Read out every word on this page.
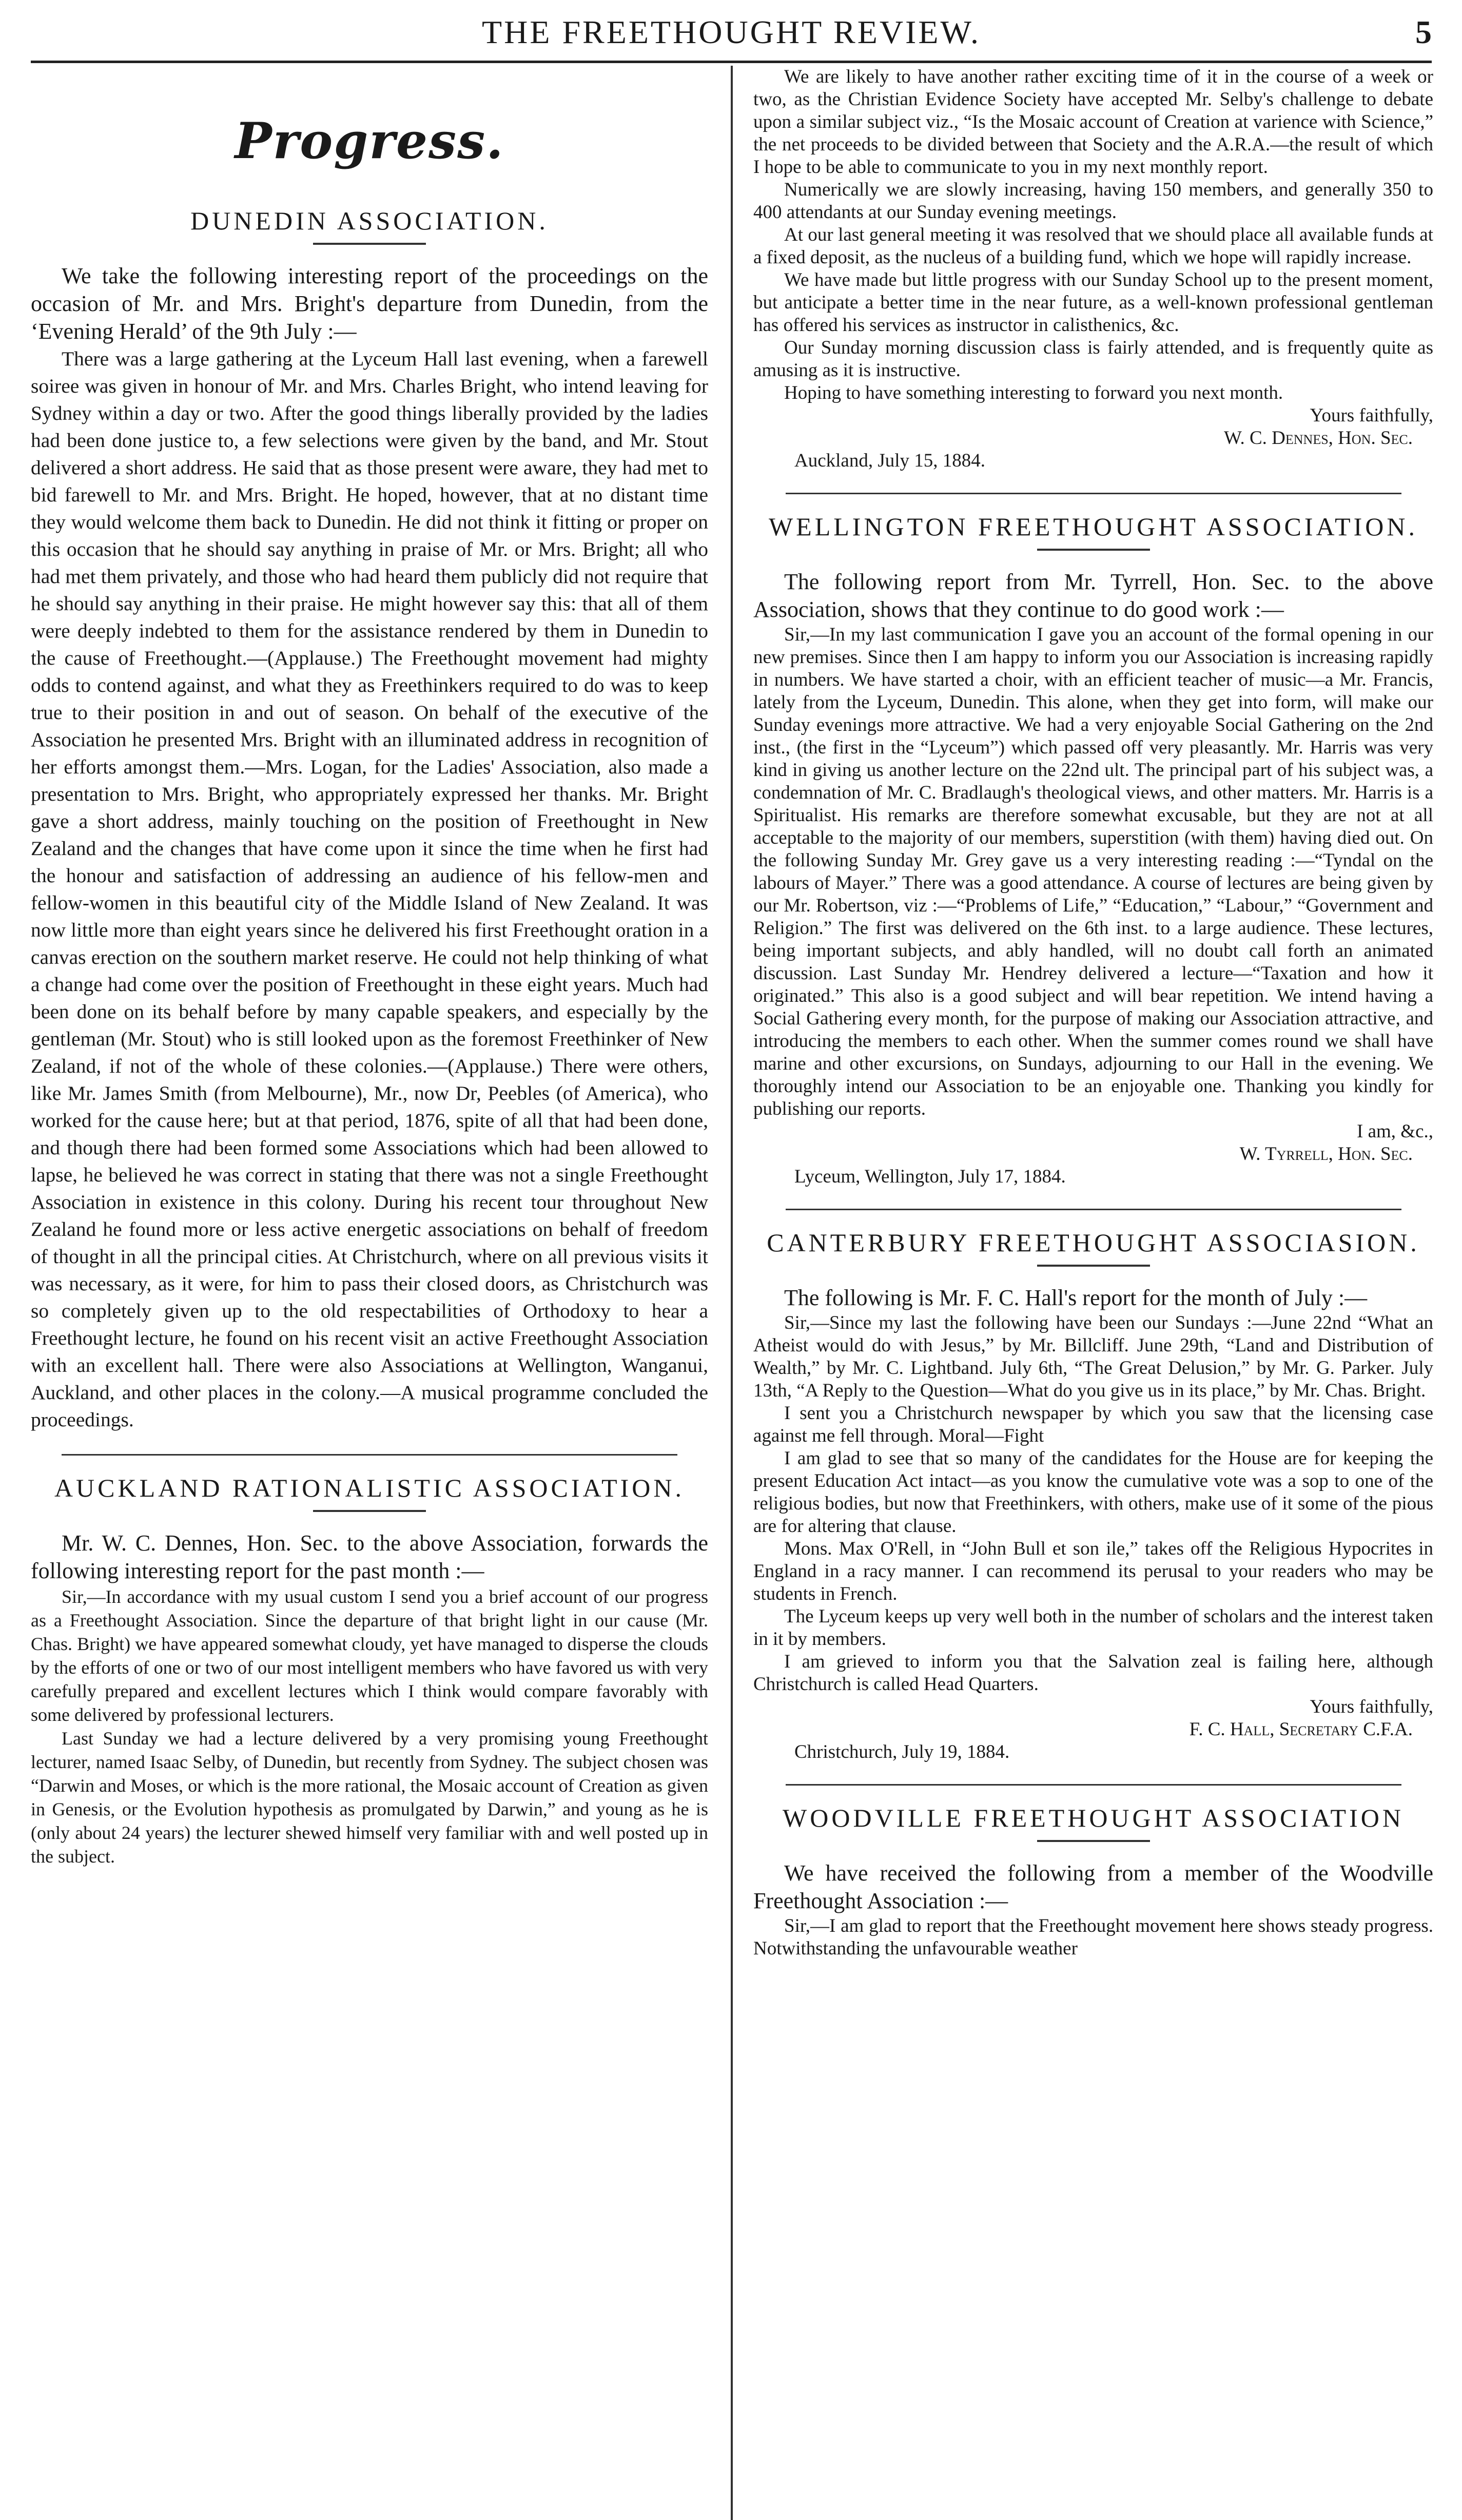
THE FREETHOUGHT REVIEW.	5
Progress.
DUNEDIN ASSOCIATION.

We take the following interesting report of the proceedings on the occasion of Mr. and Mrs. Bright's departure from Dunedin, from the ‘Evening Herald’ of the 9th July :—

There was a large gathering at the Lyceum Hall last evening, when a farewell soiree was given in honour of Mr. and Mrs. Charles Bright, who intend leaving for Sydney within a day or two. After the good things liberally provided by the ladies had been done justice to, a few selections were given by the band, and Mr. Stout delivered a short address. He said that as those present were aware, they had met to bid farewell to Mr. and Mrs. Bright. He hoped, however, that at no distant time they would welcome them back to Dunedin. He did not think it fitting or proper on this occasion that he should say anything in praise of Mr. or Mrs. Bright; all who had met them privately, and those who had heard them publicly did not require that he should say anything in their praise. He might however say this: that all of them were deeply indebted to them for the assistance rendered by them in Dunedin to the cause of Freethought.—(Applause.) The Freethought movement had mighty odds to contend against, and what they as Freethinkers required to do was to keep true to their position in and out of season. On behalf of the executive of the Association he presented Mrs. Bright with an illuminated address in recognition of her efforts amongst them.—Mrs. Logan, for the Ladies' Association, also made a presentation to Mrs. Bright, who appropriately expressed her thanks. Mr. Bright gave a short address, mainly touching on the position of Freethought in New Zealand and the changes that have come upon it since the time when he first had the honour and satisfaction of addressing an audience of his fellow-men and fellow-women in this beautiful city of the Middle Island of New Zealand. It was now little more than eight years since he delivered his first Freethought oration in a canvas erection on the southern market reserve. He could not help thinking of what a change had come over the position of Freethought in these eight years. Much had been done on its behalf before by many capable speakers, and especially by the gentleman (Mr. Stout) who is still looked upon as the foremost Freethinker of New Zealand, if not of the whole of these colonies.—(Applause.) There were others, like Mr. James Smith (from Melbourne), Mr., now Dr, Peebles (of America), who worked for the cause here; but at that period, 1876, spite of all that had been done, and though there had been formed some Associations which had been allowed to lapse, he believed he was correct in stating that there was not a single Freethought Association in existence in this colony. During his recent tour throughout New Zealand he found more or less active energetic associations on behalf of freedom of thought in all the principal cities. At Christchurch, where on all previous visits it was necessary, as it were, for him to pass their closed doors, as Christchurch was so completely given up to the old respectabilities of Orthodoxy to hear a Freethought lecture, he found on his recent visit an active Freethought Association with an excellent hall. There were also Associations at Wellington, Wanganui, Auckland, and other places in the colony.—A musical programme concluded the proceedings.

AUCKLAND RATIONALISTIC ASSOCIATION.

Mr. W. C. Dennes, Hon. Sec. to the above Association, forwards the following interesting report for the past month :—

Sir,—In accordance with my usual custom I send you a brief account of our progress as a Freethought Association. Since the departure of that bright light in our cause (Mr. Chas. Bright) we have appeared somewhat cloudy, yet have managed to disperse the clouds by the efforts of one or two of our most intelligent members who have favored us with very carefully prepared and excellent lectures which I think would compare favorably with some delivered by professional lecturers.

Last Sunday we had a lecture delivered by a very promising young Freethought lecturer, named Isaac Selby, of Dunedin, but recently from Sydney. The subject chosen was “Darwin and Moses, or which is the more rational, the Mosaic account of Creation as given in Genesis, or the Evolution hypothesis as promulgated by Darwin,” and young as he is (only about 24 years) the lecturer shewed himself very familiar with and well posted up in the subject.

We are likely to have another rather exciting time of it in the course of a week or two, as the Christian Evidence Society have accepted Mr. Selby's challenge to debate upon a similar subject viz., “Is the Mosaic account of Creation at varience with Science,” the net proceeds to be divided between that Society and the A.R.A.—the result of which I hope to be able to communicate to you in my next monthly report.

Numerically we are slowly increasing, having 150 members, and generally 350 to 400 attendants at our Sunday evening meetings.

At our last general meeting it was resolved that we should place all available funds at a fixed deposit, as the nucleus of a building fund, which we hope will rapidly increase.

We have made but little progress with our Sunday School up to the present moment, but anticipate a better time in the near future, as a well-known professional gentleman has offered his services as instructor in calisthenics, &c.

Our Sunday morning discussion class is fairly attended, and is frequently quite as amusing as it is instructive.

Hoping to have something interesting to forward you next month.

Yours faithfully,

W. C. Dennes, Hon. Sec.

Auckland, July 15, 1884.

WELLINGTON FREETHOUGHT ASSOCIATION.

The following report from Mr. Tyrrell, Hon. Sec. to the above Association, shows that they continue to do good work :—

Sir,—In my last communication I gave you an account of the formal opening in our new premises. Since then I am happy to inform you our Association is increasing rapidly in numbers. We have started a choir, with an efficient teacher of music—a Mr. Francis, lately from the Lyceum, Dunedin. This alone, when they get into form, will make our Sunday evenings more attractive. We had a very enjoyable Social Gathering on the 2nd inst., (the first in the “Lyceum”) which passed off very pleasantly. Mr. Harris was very kind in giving us another lecture on the 22nd ult. The principal part of his subject was, a condemnation of Mr. C. Bradlaugh's theological views, and other matters. Mr. Harris is a Spiritualist. His remarks are therefore somewhat excusable, but they are not at all acceptable to the majority of our members, superstition (with them) having died out. On the following Sunday Mr. Grey gave us a very interesting reading :—“Tyndal on the labours of Mayer.” There was a good attendance. A course of lectures are being given by our Mr. Robertson, viz :—“Problems of Life,” “Education,” “Labour,” “Government and Religion.” The first was delivered on the 6th inst. to a large audience. These lectures, being important subjects, and ably handled, will no doubt call forth an animated discussion. Last Sunday Mr. Hendrey delivered a lecture—“Taxation and how it originated.” This also is a good subject and will bear repetition. We intend having a Social Gathering every month, for the purpose of making our Association attractive, and introducing the members to each other. When the summer comes round we shall have marine and other excursions, on Sundays, adjourning to our Hall in the evening. We thoroughly intend our Association to be an enjoyable one. Thanking you kindly for publishing our reports.

I am, &c.,

W. Tyrrell, Hon. Sec.

Lyceum, Wellington, July 17, 1884.

CANTERBURY FREETHOUGHT ASSOCIASION.

The following is Mr. F. C. Hall's report for the month of July :—

Sir,—Since my last the following have been our Sundays :—June 22nd “What an Atheist would do with Jesus,” by Mr. Billcliff. June 29th, “Land and Distribution of Wealth,” by Mr. C. Lightband. July 6th, “The Great Delusion,” by Mr. G. Parker. July 13th, “A Reply to the Question—What do you give us in its place,” by Mr. Chas. Bright.

I sent you a Christchurch newspaper by which you saw that the licensing case against me fell through. Moral—Fight

I am glad to see that so many of the candidates for the House are for keeping the present Education Act intact—as you know the cumulative vote was a sop to one of the religious bodies, but now that Freethinkers, with others, make use of it some of the pious are for altering that clause.

Mons. Max O'Rell, in “John Bull et son ile,” takes off the Religious Hypocrites in England in a racy manner. I can recommend its perusal to your readers who may be students in French.

The Lyceum keeps up very well both in the number of scholars and the interest taken in it by members.

I am grieved to inform you that the Salvation zeal is failing here, although Christchurch is called Head Quarters.

Yours faithfully,

F. C. Hall, Secretary C.F.A.

Christchurch, July 19, 1884.

WOODVILLE FREETHOUGHT ASSOCIATION

We have received the following from a member of the Woodville Freethought Association :—

Sir,—I am glad to report that the Freethought movement here shows steady progress. Notwithstanding the unfavourable weather
